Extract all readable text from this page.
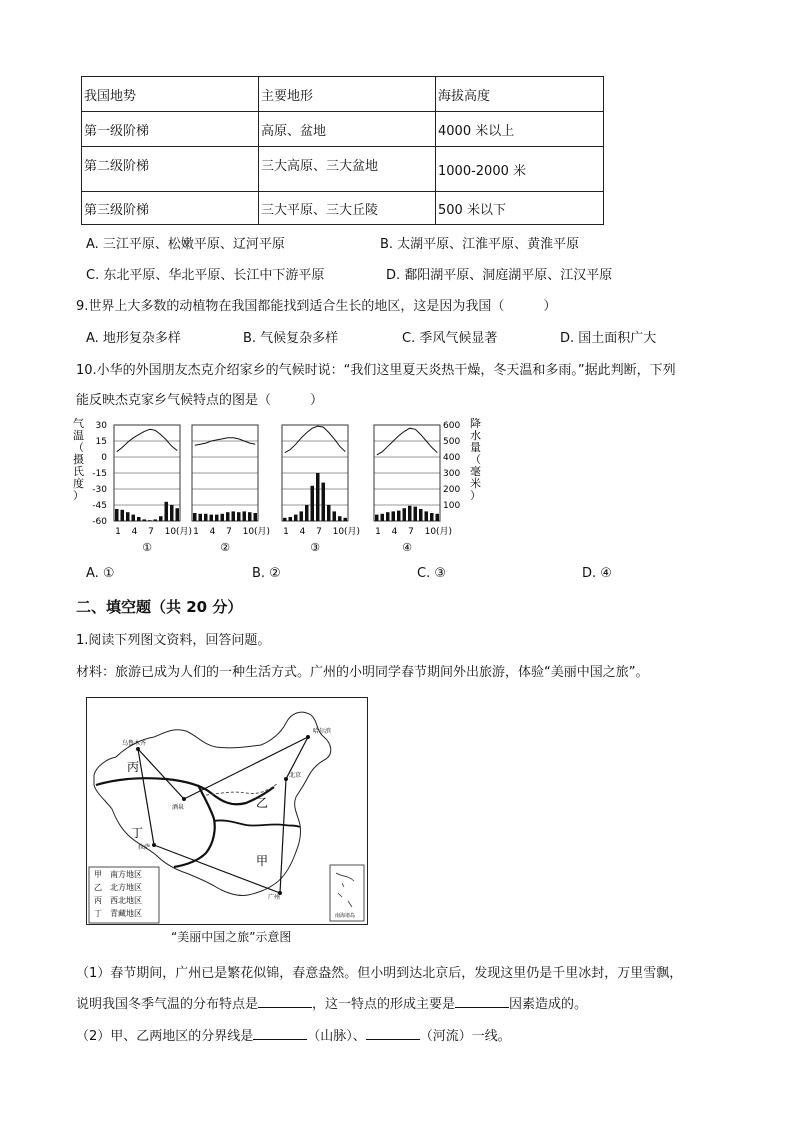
我国地势	主要地形	海拔高度
第一级阶梯	高原、盆地	4000 米以上
第二级阶梯	三大高原、三大盆地	1000-2000 米
第三级阶梯	三大平原、三大丘陵	500 米以下
A. 三江平原、松嫩平原、辽河平原	B. 太湖平原、江淮平原、黄淮平原
C. 东北平原、华北平原、长江中下游平原	D. 鄱阳湖平原、洞庭湖平原、江汉平原
9.世界上大多数的动植物在我国都能找到适合生长的地区，这是因为我国（　　　）
A. 地形复杂多样	B. 气候复杂多样	C. 季风气候显著	D. 国土面积广大
10.小华的外国朋友杰克介绍家乡的气候时说：“我们这里夏天炎热干燥，冬天温和多雨。”据此判断，下列
能反映杰克家乡气候特点的图是（　　　）
气
温
（
摄
氏
度
）
降
水
量
（
毫
米
）
30
15
0
-15
-30
-45
-60
600
500
400
300
200
100
1 4 7 10(月)
①
1 4 7 10(月)
②
1 4 7 10(月)
③
1 4 7 10(月)
④
A. ①	B. ②	C. ③	D. ④
二、填空题（共 20 分）
1.阅读下列图文资料，回答问题。
材料：旅游已成为人们的一种生活方式。广州的小明同学春节期间外出旅游，体验“美丽中国之旅”。
乌鲁木齐
哈尔滨
酒泉
北京
拉萨
广州
丙
乙
丁
甲
甲 南方地区
乙 北方地区
丙 西北地区
丁 青藏地区	南海诸岛
“美丽中国之旅”示意图
（1）春节期间，广州已是繁花似锦，春意盎然。但小明到达北京后，发现这里仍是千里冰封，万里雪飘，
说明我国冬季气温的分布特点是	，这一特点的形成主要是	因素造成的。
（2）甲、乙两地区的分界线是	（山脉）、	（河流）一线。
